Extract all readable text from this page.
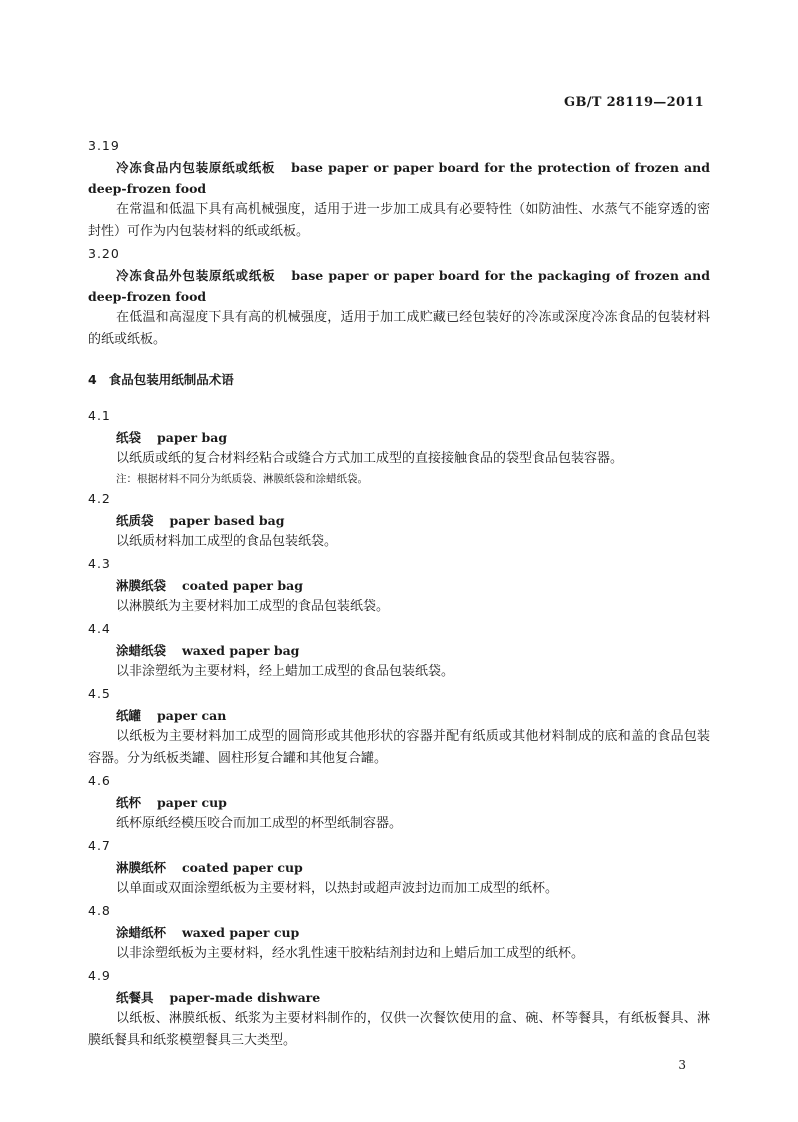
GB/T 28119—2011

3.19

冷冻食品内包装原纸或纸板 base paper or paper board for the protection of frozen and deep-frozen food

在常温和低温下具有高机械强度，适用于进一步加工成具有必要特性（如防油性、水蒸气不能穿透的密封性）可作为内包装材料的纸或纸板。

3.20

冷冻食品外包装原纸或纸板 base paper or paper board for the packaging of frozen and deep-frozen food

在低温和高湿度下具有高的机械强度，适用于加工成贮藏已经包装好的冷冻或深度冷冻食品的包装材料的纸或纸板。

4 食品包装用纸制品术语

4.1

纸袋 paper bag

以纸质或纸的复合材料经粘合或缝合方式加工成型的直接接触食品的袋型食品包装容器。

注：根据材料不同分为纸质袋、淋膜纸袋和涂蜡纸袋。

4.2

纸质袋 paper based bag

以纸质材料加工成型的食品包装纸袋。

4.3

淋膜纸袋 coated paper bag

以淋膜纸为主要材料加工成型的食品包装纸袋。

4.4

涂蜡纸袋 waxed paper bag

以非涂塑纸为主要材料，经上蜡加工成型的食品包装纸袋。

4.5

纸罐 paper can

以纸板为主要材料加工成型的圆筒形或其他形状的容器并配有纸质或其他材料制成的底和盖的食品包装容器。分为纸板类罐、圆柱形复合罐和其他复合罐。

4.6

纸杯 paper cup

纸杯原纸经模压咬合而加工成型的杯型纸制容器。

4.7

淋膜纸杯 coated paper cup

以单面或双面涂塑纸板为主要材料，以热封或超声波封边而加工成型的纸杯。

4.8

涂蜡纸杯 waxed paper cup

以非涂塑纸板为主要材料，经水乳性速干胶粘结剂封边和上蜡后加工成型的纸杯。

4.9

纸餐具 paper-made dishware

以纸板、淋膜纸板、纸浆为主要材料制作的，仅供一次餐饮使用的盒、碗、杯等餐具，有纸板餐具、淋膜纸餐具和纸浆模塑餐具三大类型。

3
